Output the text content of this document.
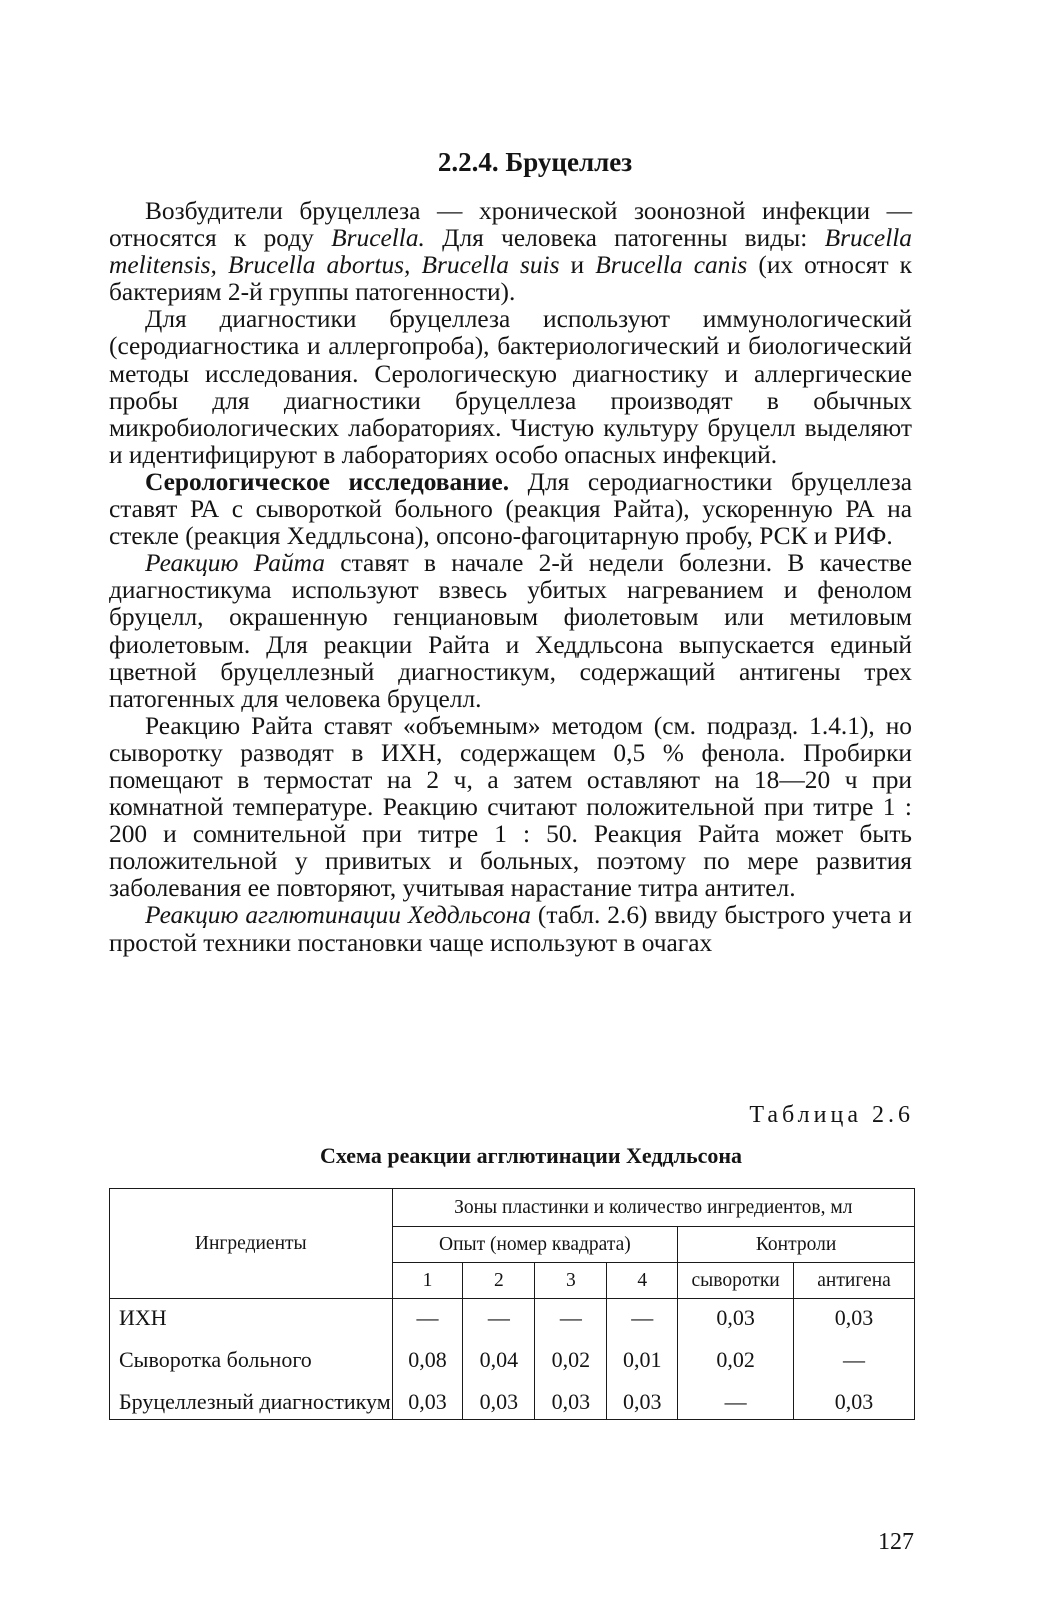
2.2.4. Бруцеллез

Возбудители бруцеллеза — хронической зоонозной инфекции — относятся к роду Brucella. Для человека патогенны виды: Brucella melitensis, Brucella abortus, Brucella suis и Brucella canis (их относят к бактериям 2-й группы патогенности).

Для диагностики бруцеллеза используют иммунологический (серодиагностика и аллергопроба), бактериологический и биологический методы исследования. Серологическую диагностику и аллергические пробы для диагностики бруцеллеза производят в обычных микробиологических лабораториях. Чистую культуру бруцелл выделяют и идентифицируют в лабораториях особо опасных инфекций.

Серологическое исследование. Для серодиагностики бруцеллеза ставят РА с сывороткой больного (реакция Райта), ускоренную РА на стекле (реакция Хеддльсона), опсоно-фагоцитарную пробу, РСК и РИФ.

Реакцию Райта ставят в начале 2-й недели болезни. В качестве диагностикума используют взвесь убитых нагреванием и фенолом бруцелл, окрашенную генциановым фиолетовым или метиловым фиолетовым. Для реакции Райта и Хеддльсона выпускается единый цветной бруцеллезный диагностикум, содержащий антигены трех патогенных для человека бруцелл.

Реакцию Райта ставят «объемным» методом (см. подразд. 1.4.1), но сыворотку разводят в ИХН, содержащем 0,5 % фенола. Пробирки помещают в термостат на 2 ч, а затем оставляют на 18—20 ч при комнатной температуре. Реакцию считают положительной при титре 1 : 200 и сомнительной при титре 1 : 50. Реакция Райта может быть положительной у привитых и больных, поэтому по мере развития заболевания ее повторяют, учитывая нарастание титра антител.

Реакцию агглютинации Хеддльсона (табл. 2.6) ввиду быстрого учета и простой техники постановки чаще используют в очагах

Таблица 2.6
Схема реакции агглютинации Хеддльсона
Ингредиенты	Зоны пластинки и количество ингредиентов, мл					
	Опыт (номер квадрата)				Контроли	
	1	2	3	4	сыворотки	антигена
ИХН	—	—	—	—	0,03	0,03
Сыворотка больного	0,08	0,04	0,02	0,01	0,02	—
Бруцеллезный диагностикум	0,03	0,03	0,03	0,03	—	0,03
127
